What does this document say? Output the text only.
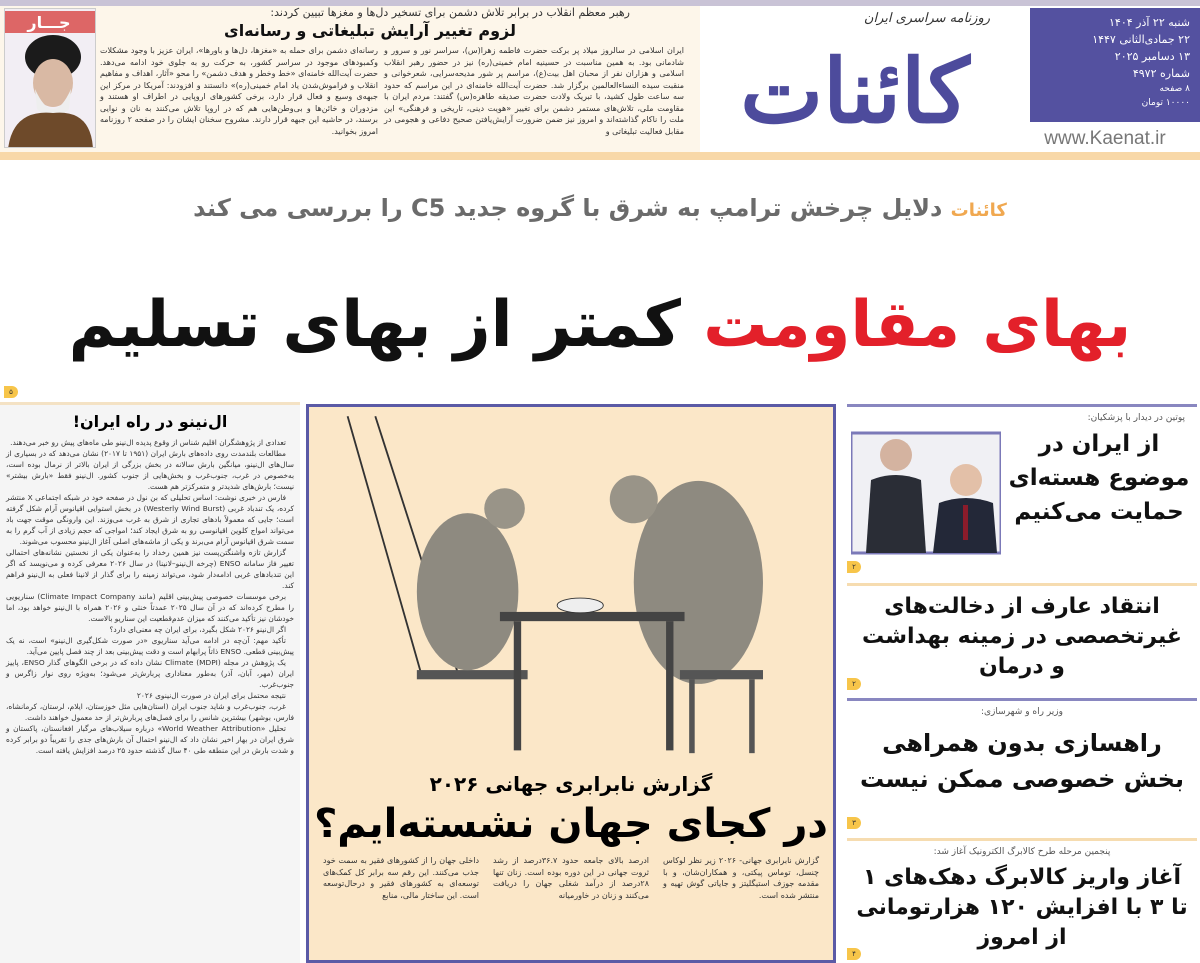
جـــار
رهبر معظم انقلاب در برابر تلاش دشمن برای تسخیر دل‌ها و مغزها تبیین کردند:
لزوم تغییر آرایش تبلیغاتی و رسانه‌ای
ایران اسلامی در سالروز میلاد پر برکت حضرت فاطمه زهرا(س)، سراسر نور و سرور و شادمانی بود. به همین مناسبت در حسینیه امام خمینی(ره) نیز در حضور رهبر انقلاب اسلامی و هزاران نفر از محبان اهل بیت(ع)، مراسم پر شور مدیحه‌سرایی، شعرخوانی و منقبت سیده النساءالعالمین برگزار شد. حضرت آیت‌الله خامنه‌ای در این مراسم که حدود سه ساعت طول کشید، با تبریک ولادت حضرت صدیقه طاهره(س) گفتند: مردم ایران با مقاومت ملی، تلاش‌های مستمر دشمن برای تغییر «هویت دینی، تاریخی و فرهنگی» این ملت را ناکام گذاشته‌اند و امروز نیز ضمن ضرورت آرایش‌یافتن صحیح دفاعی و هجومی در مقابل فعالیت تبلیغاتی و
رسانه‌ای دشمن برای حمله به «مغزها، دل‌ها و باورها»، ایران عزیز با وجود مشکلات وکمبودهای موجود در سراسر کشور، به حرکت رو به جلوی خود ادامه می‌دهد. حضرت آیت‌الله خامنه‌ای «خط وخطر و هدف دشمن» را محو «آثار، اهداف و مفاهیم انقلاب و فراموش‌شدن یاد امام خمینی(ره)» دانستند و افزودند: آمریکا در مرکز این جبهه‌ی وسیع و فعال قرار دارد، برخی کشورهای اروپایی در اطراف او هستند و مزدوران و خائن‌ها و بی‌وطن‌هایی هم که در اروپا تلاش می‌کنند به نان و نوایی برسند، در حاشیه این جبهه قرار دارند. مشروح سخنان ایشان را در صفحه ۲ روزنامه امروز بخوانید.
روزنامه سراسری ایران
کائنات
شنبه ۲۲ آذر ۱۴۰۴
۲۲ جمادی‌الثانی ۱۴۴۷
۱۳ دسامبر ۲۰۲۵
شماره ۴۹۷۲
۸ صفحه
۱۰۰۰۰ تومان
www.Kaenat.ir
کائنات دلایل چرخش ترامپ به شرق با گروه جدید C5 را بررسی می کند
بهای مقاومت کمتر از بهای تسلیم
۵
ال‌نینو در راه ایران!

تعدادی از پژوهشگران اقلیم شناس از وقوع پدیده ال‌نینو طی ماه‌های پیش رو خبر می‌دهند.

مطالعات بلندمدت روی داده‌های بارش ایران (۱۹۵۱ تا ۲۰۱۷) نشان می‌دهد که در بسیاری از سال‌های ال‌نینو، میانگین بارش سالانه در بخش بزرگی از ایران بالاتر از نرمال بوده است، به‌خصوص در غرب، جنوب‌غرب و بخش‌هایی از جنوب کشور. ال‌نینو فقط «بارش بیشتر» نیست؛ بارش‌های شدیدتر و متمرکزتر هم هست.

فارس در خبری نوشت: اساس تحلیلی که بن نول در صفحه خود در شبکه اجتماعی X منتشر کرده، یک تندباد غربی (Westerly Wind Burst) در بخش استوایی اقیانوس آرام شکل گرفته است؛ جایی که معمولاً بادهای تجاری از شرق به غرب می‌وزند. این وارونگی موقت جهت باد می‌تواند امواج کلوین اقیانوسی رو به شرق ایجاد کند؛ امواجی که حجم زیادی از آب گرم را به سمت شرق اقیانوس آرام می‌برند و یکی از ماشه‌های اصلی آغاز ال‌نینو محسوب می‌شوند.

گزارش تازه واشنگتن‌پست نیز همین رخداد را به‌عنوان یکی از نخستین نشانه‌های احتمالی تغییر فاز سامانه ENSO (چرخه ال‌نینو–لانینا) در سال ۲۰۲۶ معرفی کرده و می‌نویسد که اگر این تندبادهای غربی ادامه‌دار شود، می‌تواند زمینه را برای گذار از لانینا فعلی به ال‌نینو فراهم کند.

برخی موسسات خصوصی پیش‌بینی اقلیم (مانند Climate Impact Company) سناریویی را مطرح کرده‌اند که در آن سال ۲۰۲۵ عمدتاً خنثی و ۲۰۲۶ همراه با ال‌نینو خواهد بود، اما خودشان نیز تأکید می‌کنند که میزان عدم‌قطعیت این سناریو بالاست.

اگر ال‌نینو ۲۰۲۶ شکل بگیرد، برای ایران چه معنی‌ای دارد؟

تأکید مهم: آن‌چه در ادامه می‌آید سناریوی «در صورت شکل‌گیری ال‌نینو» است، نه یک پیش‌بینی قطعی. ENSO ذاتاً پرابهام است و دقت پیش‌بینی بعد از چند فصل پایین می‌آید.

یک پژوهش در مجله Climate (MDPI) نشان داده که در برخی الگوهای گذار ENSO، پاییز ایران (مهر، آبان، آذر) به‌طور معناداری پربارش‌تر می‌شود؛ به‌ویژه روی نوار زاگرس و جنوب‌غرب.

نتیجه محتمل برای ایران در صورت ال‌نینوی ۲۰۲۶

غرب، جنوب‌غرب و شاید جنوب ایران (استان‌هایی مثل خوزستان، ایلام، لرستان، کرمانشاه، فارس، بوشهر) بیشترین شانس را برای فصل‌های پربارش‌تر از حد معمول خواهند داشت.

تحلیل «World Weather Attribution» درباره سیلاب‌های مرگبار افغانستان، پاکستان و شرق ایران در بهار اخیر نشان داد که ال‌نینو احتمال آن بارش‌های جدی را تقریباً دو برابر کرده و شدت بارش در این منطقه طی ۴۰ سال گذشته حدود ۲۵ درصد افزایش یافته است.

گزارش نابرابری جهانی ۲۰۲۶
در کجای جهان نشسته‌ایم؟
گزارش نابرابری جهانی- ۲۰۲۶ زیر نظر لوکاس چنسل، توماس پیکتی، و همکاران‌شان، و با مقدمه جوزف استیگلیتز و جایاتی گوش تهیه و منتشر شده است.
ادرصد بالای جامعه حدود ۳۶.۷درصد از رشد ثروت جهانی در این دوره بوده است. زنان تنها ۲۸درصد از درآمد شغلی جهان را دریافت می‌کنند و زنان در خاورمیانه
داخلی جهان را از کشورهای فقیر به سمت خود جذب می‌کنند. این رقم سه برابر کل کمک‌های توسعه‌ای به کشورهای فقیر و درحال‌توسعه است. این ساختار مالی، منابع
پوتین در دیدار با پزشکیان:
از ایران در موضوع هسته‌ای حمایت می‌کنیم
۲
انتقاد عارف از دخالت‌های غیرتخصصی در زمینه بهداشت و درمان
۲
وزیر راه و شهرسازی:
راهسازی بدون همراهی بخش خصوصی ممکن نیست
۳
پنجمین مرحله طرح کالابرگ الکترونیک آغاز شد:
آغاز واریز کالابرگ دهک‌های ۱ تا ۳ با افزایش ۱۲۰ هزارتومانی از امروز
۴
